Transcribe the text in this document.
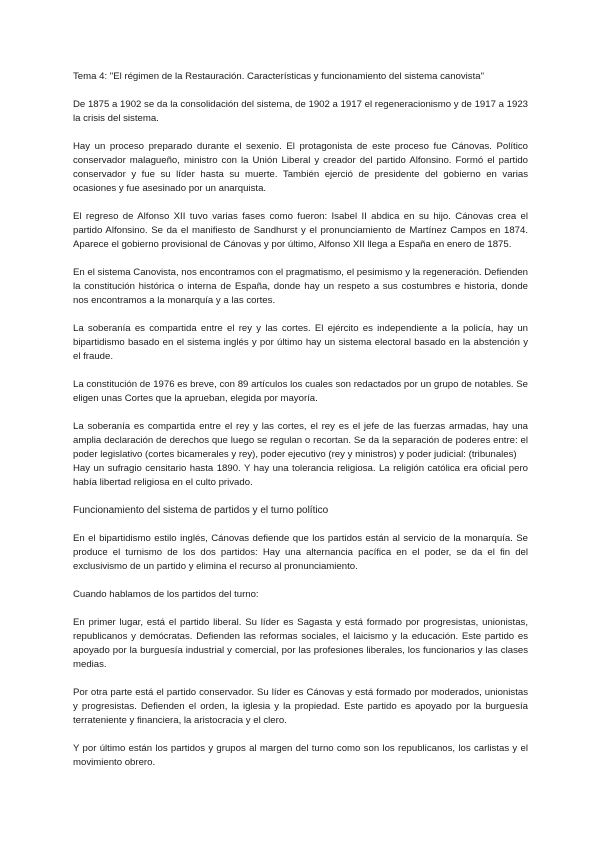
Tema 4: "El régimen de la Restauración. Características y funcionamiento del sistema canovista"

De 1875 a 1902 se da la consolidación del sistema, de 1902 a 1917 el regeneracionismo y de 1917 a 1923 la crisis del sistema.

Hay un proceso preparado durante el sexenio. El protagonista de este proceso fue Cánovas. Político conservador malagueño, ministro con la Unión Liberal y creador del partido Alfonsino. Formó el partido conservador y fue su líder hasta su muerte. También ejerció de presidente del gobierno en varias ocasiones y fue asesinado por un anarquista.

El regreso de Alfonso XII tuvo varias fases como fueron: Isabel II abdica en su hijo. Cánovas crea el partido Alfonsino. Se da el manifiesto de Sandhurst y el pronunciamiento de Martínez Campos en 1874. Aparece el gobierno provisional de Cánovas y por último, Alfonso XII llega a España en enero de 1875.

En el sistema Canovista, nos encontramos con el pragmatismo, el pesimismo y la regeneración. Defienden la constitución histórica o interna de España, donde hay un respeto a sus costumbres e historia, donde nos encontramos a la monarquía y a las cortes.

La soberanía es compartida entre el rey y las cortes. El ejército es independiente a la policía, hay un bipartidismo basado en el sistema inglés y por último hay un sistema electoral basado en la abstención y el fraude.

La constitución de 1976 es breve, con 89 artículos los cuales son redactados por un grupo de notables. Se eligen unas Cortes que la aprueban, elegida por mayoría.

La soberanía es compartida entre el rey y las cortes, el rey es el jefe de las fuerzas armadas, hay una amplia declaración de derechos que luego se regulan o recortan. Se da la separación de poderes entre: el poder legislativo (cortes bicamerales y rey), poder ejecutivo (rey y ministros) y poder judicial: (tribunales)

Hay un sufragio censitario hasta 1890. Y hay una tolerancia religiosa. La religión católica era oficial pero había libertad religiosa en el culto privado.

Funcionamiento del sistema de partidos y el turno político

En el bipartidismo estilo inglés, Cánovas defiende que los partidos están al servicio de la monarquía. Se produce el turnismo de los dos partidos: Hay una alternancia pacífica en el poder, se da el fin del exclusivismo de un partido y elimina el recurso al pronunciamiento.

Cuando hablamos de los partidos del turno:

En primer lugar, está el partido liberal. Su líder es Sagasta y está formado por progresistas, unionistas, republicanos y demócratas. Defienden las reformas sociales, el laicismo y la educación. Este partido es apoyado por la burguesía industrial y comercial, por las profesiones liberales, los funcionarios y las clases medias.

Por otra parte está el partido conservador. Su líder es Cánovas y está formado por moderados, unionistas y progresistas. Defienden el orden, la iglesia y la propiedad. Este partido es apoyado por la burguesía terrateniente y financiera, la aristocracia y el clero.

Y por último están los partidos y grupos al margen del turno como son los republicanos, los carlistas y el movimiento obrero.
